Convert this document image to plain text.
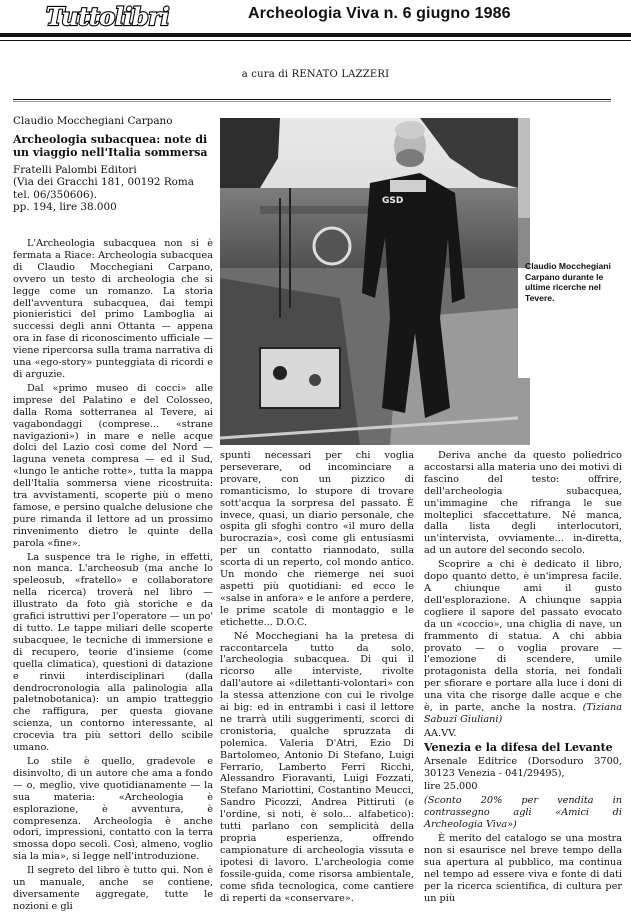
Tuttolibri	Archeologia Viva n. 6 giugno 1986
a cura di RENATO LAZZERI

Claudio Mocchegiani Carpano

Archeologia subacquea: note di un viaggio nell'Italia sommersa

Fratelli Palombi Editori

(Via dei Gracchi 181, 00192 Roma tel. 06/350606).

pp. 194, lire 38.000	GSD
Claudio Mocchegiani Carpano durante le ultime ricerche nel Tevere.

L'Archeologia subacquea non si è fermata a Riace: Archeologia subacquea di Claudio Mocchegiani Carpano, ovvero un testo di archeologia che si legge come un romanzo. La storia dell'avventura subacquea, dai tempi pionieristici del primo Lamboglia ai successi degli anni Ottanta — appena ora in fase di riconoscimento ufficiale — viene ripercorsa sulla trama narrativa di una «ego-story» punteggiata di ricordi e di arguzie.

Dal «primo museo di cocci» alle imprese del Palatino e del Colosseo, dalla Roma sotterranea al Tevere, ai vagabondaggi (comprese... «strane navigazioni») in mare e nelle acque dolci del Lazio così come del Nord — laguna veneta compresa — ed il Sud, «lungo le antiche rotte», tutta la mappa dell'Italia sommersa viene ricostruita: tra avvistamenti, scoperte più o meno famose, e persino qualche delusione che pure rimanda il lettore ad un prossimo rinvenimento dietro le quinte della parola «fine».

La suspence tra le righe, in effetti, non manca. L'archeosub (ma anche lo speleosub, «fratello» e collaboratore nella ricerca) troverà nel libro — illustrato da foto già storiche e da grafici istruttivi per l'operatore — un po' di tutto. Le tappe miliari delle scoperte subacquee, le tecniche di immersione e di recupero, teorie d'insieme (come quella climatica), questioni di datazione e rinvii interdisciplinari (dalla dendrocronologia alla palinologia alla paletnobotanica): un ampio tratteggio che raffigura, per questa giovane scienza, un contorno interessante, al crocevia tra più settori dello scibile umano.

Lo stile è quello, gradevole e disinvolto, di un autore che ama a fondo — o, meglio, vive quotidianamente — la sua materia: «Archeologia è esplorazione, è avventura, è compresenza. Archeologia è anche odori, impressioni, contatto con la terra smossa dopo secoli. Così, almeno, voglio sia la mia», si legge nell'introduzione.

Il segreto del libro è tutto qui. Non è un manuale, anche se contiene, diversamente aggregate, tutte le nozioni e gli

spunti necessari per chi voglia perseverare, od incominciare a provare, con un pizzico di romanticismo, lo stupore di trovare sott'acqua la sorpresa del passato. È invece, quasi, un diario personale, che ospita gli sfoghi contro «il muro della burocrazia», così come gli entusiasmi per un contatto riannodato, sulla scorta di un reperto, col mondo antico. Un mondo che riemerge nei suoi aspetti più quotidiani: ed ecco le «salse in anfora» e le anfore a perdere, le prime scatole di montaggio e le etichette... D.O.C.

Né Mocchegiani ha la pretesa di raccontarcela tutto da solo, l'archeologia subacquea. Di qui il ricorso alle interviste, rivolte dall'autore ai «dilettanti-volontari» con la stessa attenzione con cui le rivolge ai big: ed in entrambi i casi il lettore ne trarrà utili suggerimenti, scorci di cronistoria, qualche spruzzata di polemica. Valeria D'Atri, Ezio Di Bartolomeo, Antonio Di Stefano, Luigi Ferrario, Lamberto Ferri Ricchi, Alessandro Fioravanti, Luigi Fozzati, Stefano Mariottini, Costantino Meucci, Sandro Picozzi, Andrea Pittiruti (e l'ordine, si noti, è solo... alfabetico): tutti parlano con semplicità della propria esperienza, offrendo campionature di archeologia vissuta e ipotesi di lavoro. L'archeologia come fossile-guida, come risorsa ambientale, come sfida tecnologica, come cantiere di reperti da «conservare».

Deriva anche da questo poliedrico accostarsi alla materia uno dei motivi di fascino del testo: offrire, dell'archeologia subacquea, un'immagine che rifranga le sue molteplici sfaccettature. Né manca, dalla lista degli interlocutori, un'intervista, ovviamente... in-diretta, ad un autore del secondo secolo.

Scoprire a chi è dedicato il libro, dopo quanto detto, è un'impresa facile. A chiunque ami il gusto dell'esplorazione. A chiunque sappia cogliere il sapore del passato evocato da un «coccio», una chiglia di nave, un frammento di statua. A chi abbia provato — o voglia provare — l'emozione di scendere, umile protagonista della storia, nei fondali per sfiorare e portare alla luce i doni di una vita che risorge dalle acque e che è, in parte, anche la nostra. (Tiziana Sabuzi Giuliani)

AA.VV.

Venezia e la difesa del Levante

Arsenale Editrice (Dorsoduro 3700, 30123 Venezia - 041/29495),

lire 25.000

(Sconto 20% per vendita in contrassegno agli «Amici di Archeologia Viva»)

È merito del catalogo se una mostra non si esaurisce nel breve tempo della sua apertura al pubblico, ma continua nel tempo ad essere viva e fonte di dati per la ricerca scientifica, di cultura per un più
